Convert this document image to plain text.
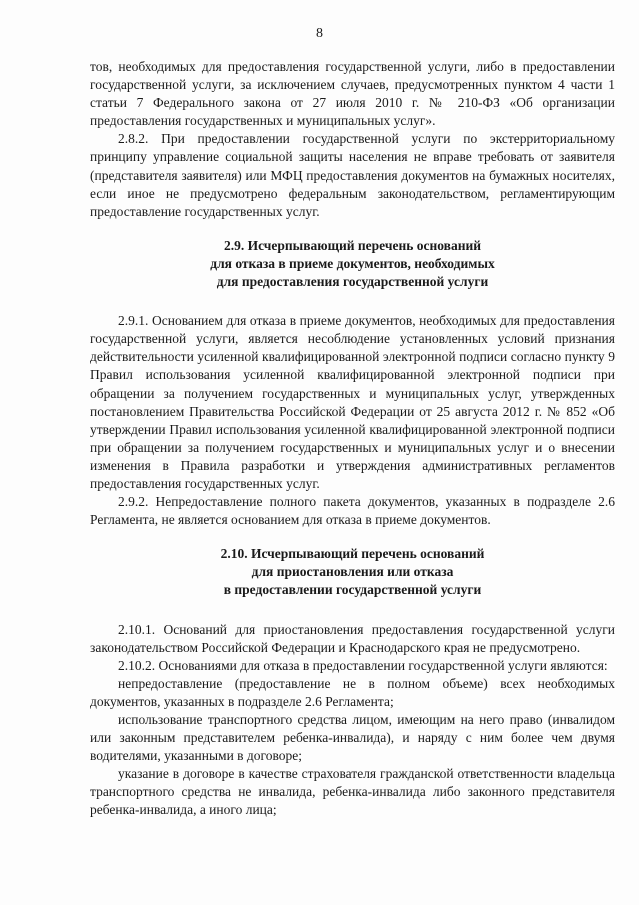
8

тов, необходимых для предоставления государственной услуги, либо в предоставлении государственной услуги, за исключением случаев, предусмотренных пунктом 4 части 1 статьи 7 Федерального закона от 27 июля 2010 г. № 210-ФЗ «Об организации предоставления государственных и муниципальных услуг».

2.8.2. При предоставлении государственной услуги по экстерриториальному принципу управление социальной защиты населения не вправе требовать от заявителя (представителя заявителя) или МФЦ предоставления документов на бумажных носителях, если иное не предусмотрено федеральным законодательством, регламентирующим предоставление государственных услуг.

2.9. Исчерпывающий перечень оснований
для отказа в приеме документов, необходимых
для предоставления государственной услуги

2.9.1. Основанием для отказа в приеме документов, необходимых для предоставления государственной услуги, является несоблюдение установленных условий признания действительности усиленной квалифицированной электронной подписи согласно пункту 9 Правил использования усиленной квалифицированной электронной подписи при обращении за получением государственных и муниципальных услуг, утвержденных постановлением Правительства Российской Федерации от 25 августа 2012 г. № 852 «Об утверждении Правил использования усиленной квалифицированной электронной подписи при обращении за получением государственных и муниципальных услуг и о внесении изменения в Правила разработки и утверждения административных регламентов предоставления государственных услуг.

2.9.2. Непредоставление полного пакета документов, указанных в подразделе 2.6 Регламента, не является основанием для отказа в приеме документов.

2.10. Исчерпывающий перечень оснований
для приостановления или отказа
в предоставлении государственной услуги

2.10.1. Оснований для приостановления предоставления государственной услуги законодательством Российской Федерации и Краснодарского края не предусмотрено.

2.10.2. Основаниями для отказа в предоставлении государственной услуги являются:

непредоставление (предоставление не в полном объеме) всех необходимых документов, указанных в подразделе 2.6 Регламента;

использование транспортного средства лицом, имеющим на него право (инвалидом или законным представителем ребенка-инвалида), и наряду с ним более чем двумя водителями, указанными в договоре;

указание в договоре в качестве страхователя гражданской ответственности владельца транспортного средства не инвалида, ребенка-инвалида либо законного представителя ребенка-инвалида, а иного лица;
